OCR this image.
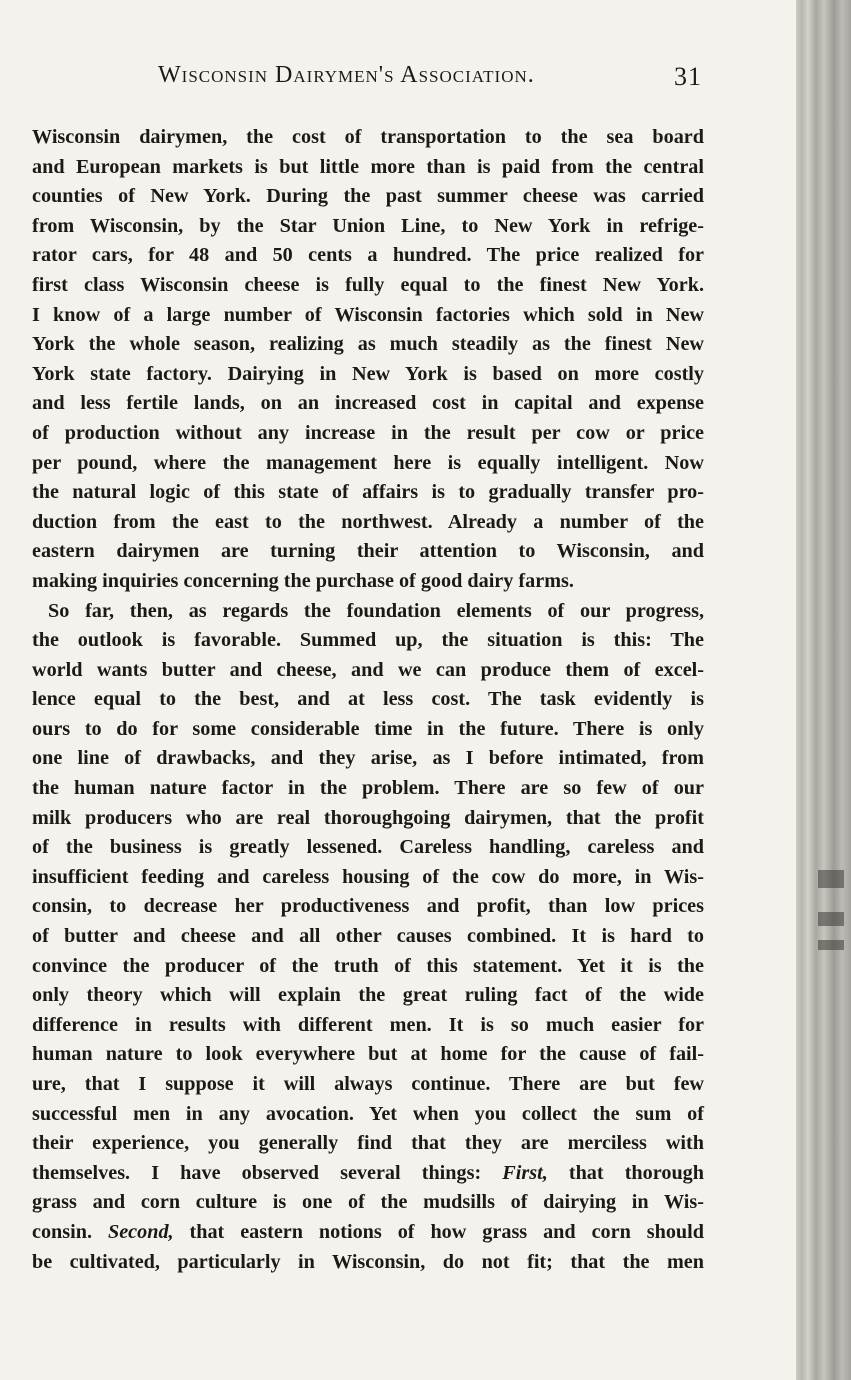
Wisconsin Dairymen's Association.	31
Wisconsin dairymen, the cost of transportation to the sea board
and European markets is but little more than is paid from the central
counties of New York. During the past summer cheese was carried
from Wisconsin, by the Star Union Line, to New York in refrige-
rator cars, for 48 and 50 cents a hundred. The price realized for
first class Wisconsin cheese is fully equal to the finest New York.
I know of a large number of Wisconsin factories which sold in New
York the whole season, realizing as much steadily as the finest New
York state factory. Dairying in New York is based on more costly
and less fertile lands, on an increased cost in capital and expense
of production without any increase in the result per cow or price
per pound, where the management here is equally intelligent. Now
the natural logic of this state of affairs is to gradually transfer pro-
duction from the east to the northwest. Already a number of the
eastern dairymen are turning their attention to Wisconsin, and
making inquiries concerning the purchase of good dairy farms.
So far, then, as regards the foundation elements of our progress,
the outlook is favorable. Summed up, the situation is this: The
world wants butter and cheese, and we can produce them of excel-
lence equal to the best, and at less cost. The task evidently is
ours to do for some considerable time in the future. There is only
one line of drawbacks, and they arise, as I before intimated, from
the human nature factor in the problem. There are so few of our
milk producers who are real thoroughgoing dairymen, that the profit
of the business is greatly lessened. Careless handling, careless and
insufficient feeding and careless housing of the cow do more, in Wis-
consin, to decrease her productiveness and profit, than low prices
of butter and cheese and all other causes combined. It is hard to
convince the producer of the truth of this statement. Yet it is the
only theory which will explain the great ruling fact of the wide
difference in results with different men. It is so much easier for
human nature to look everywhere but at home for the cause of fail-
ure, that I suppose it will always continue. There are but few
successful men in any avocation. Yet when you collect the sum of
their experience, you generally find that they are merciless with
themselves. I have observed several things: First, that thorough
grass and corn culture is one of the mudsills of dairying in Wis-
consin. Second, that eastern notions of how grass and corn should
be cultivated, particularly in Wisconsin, do not fit; that the men
